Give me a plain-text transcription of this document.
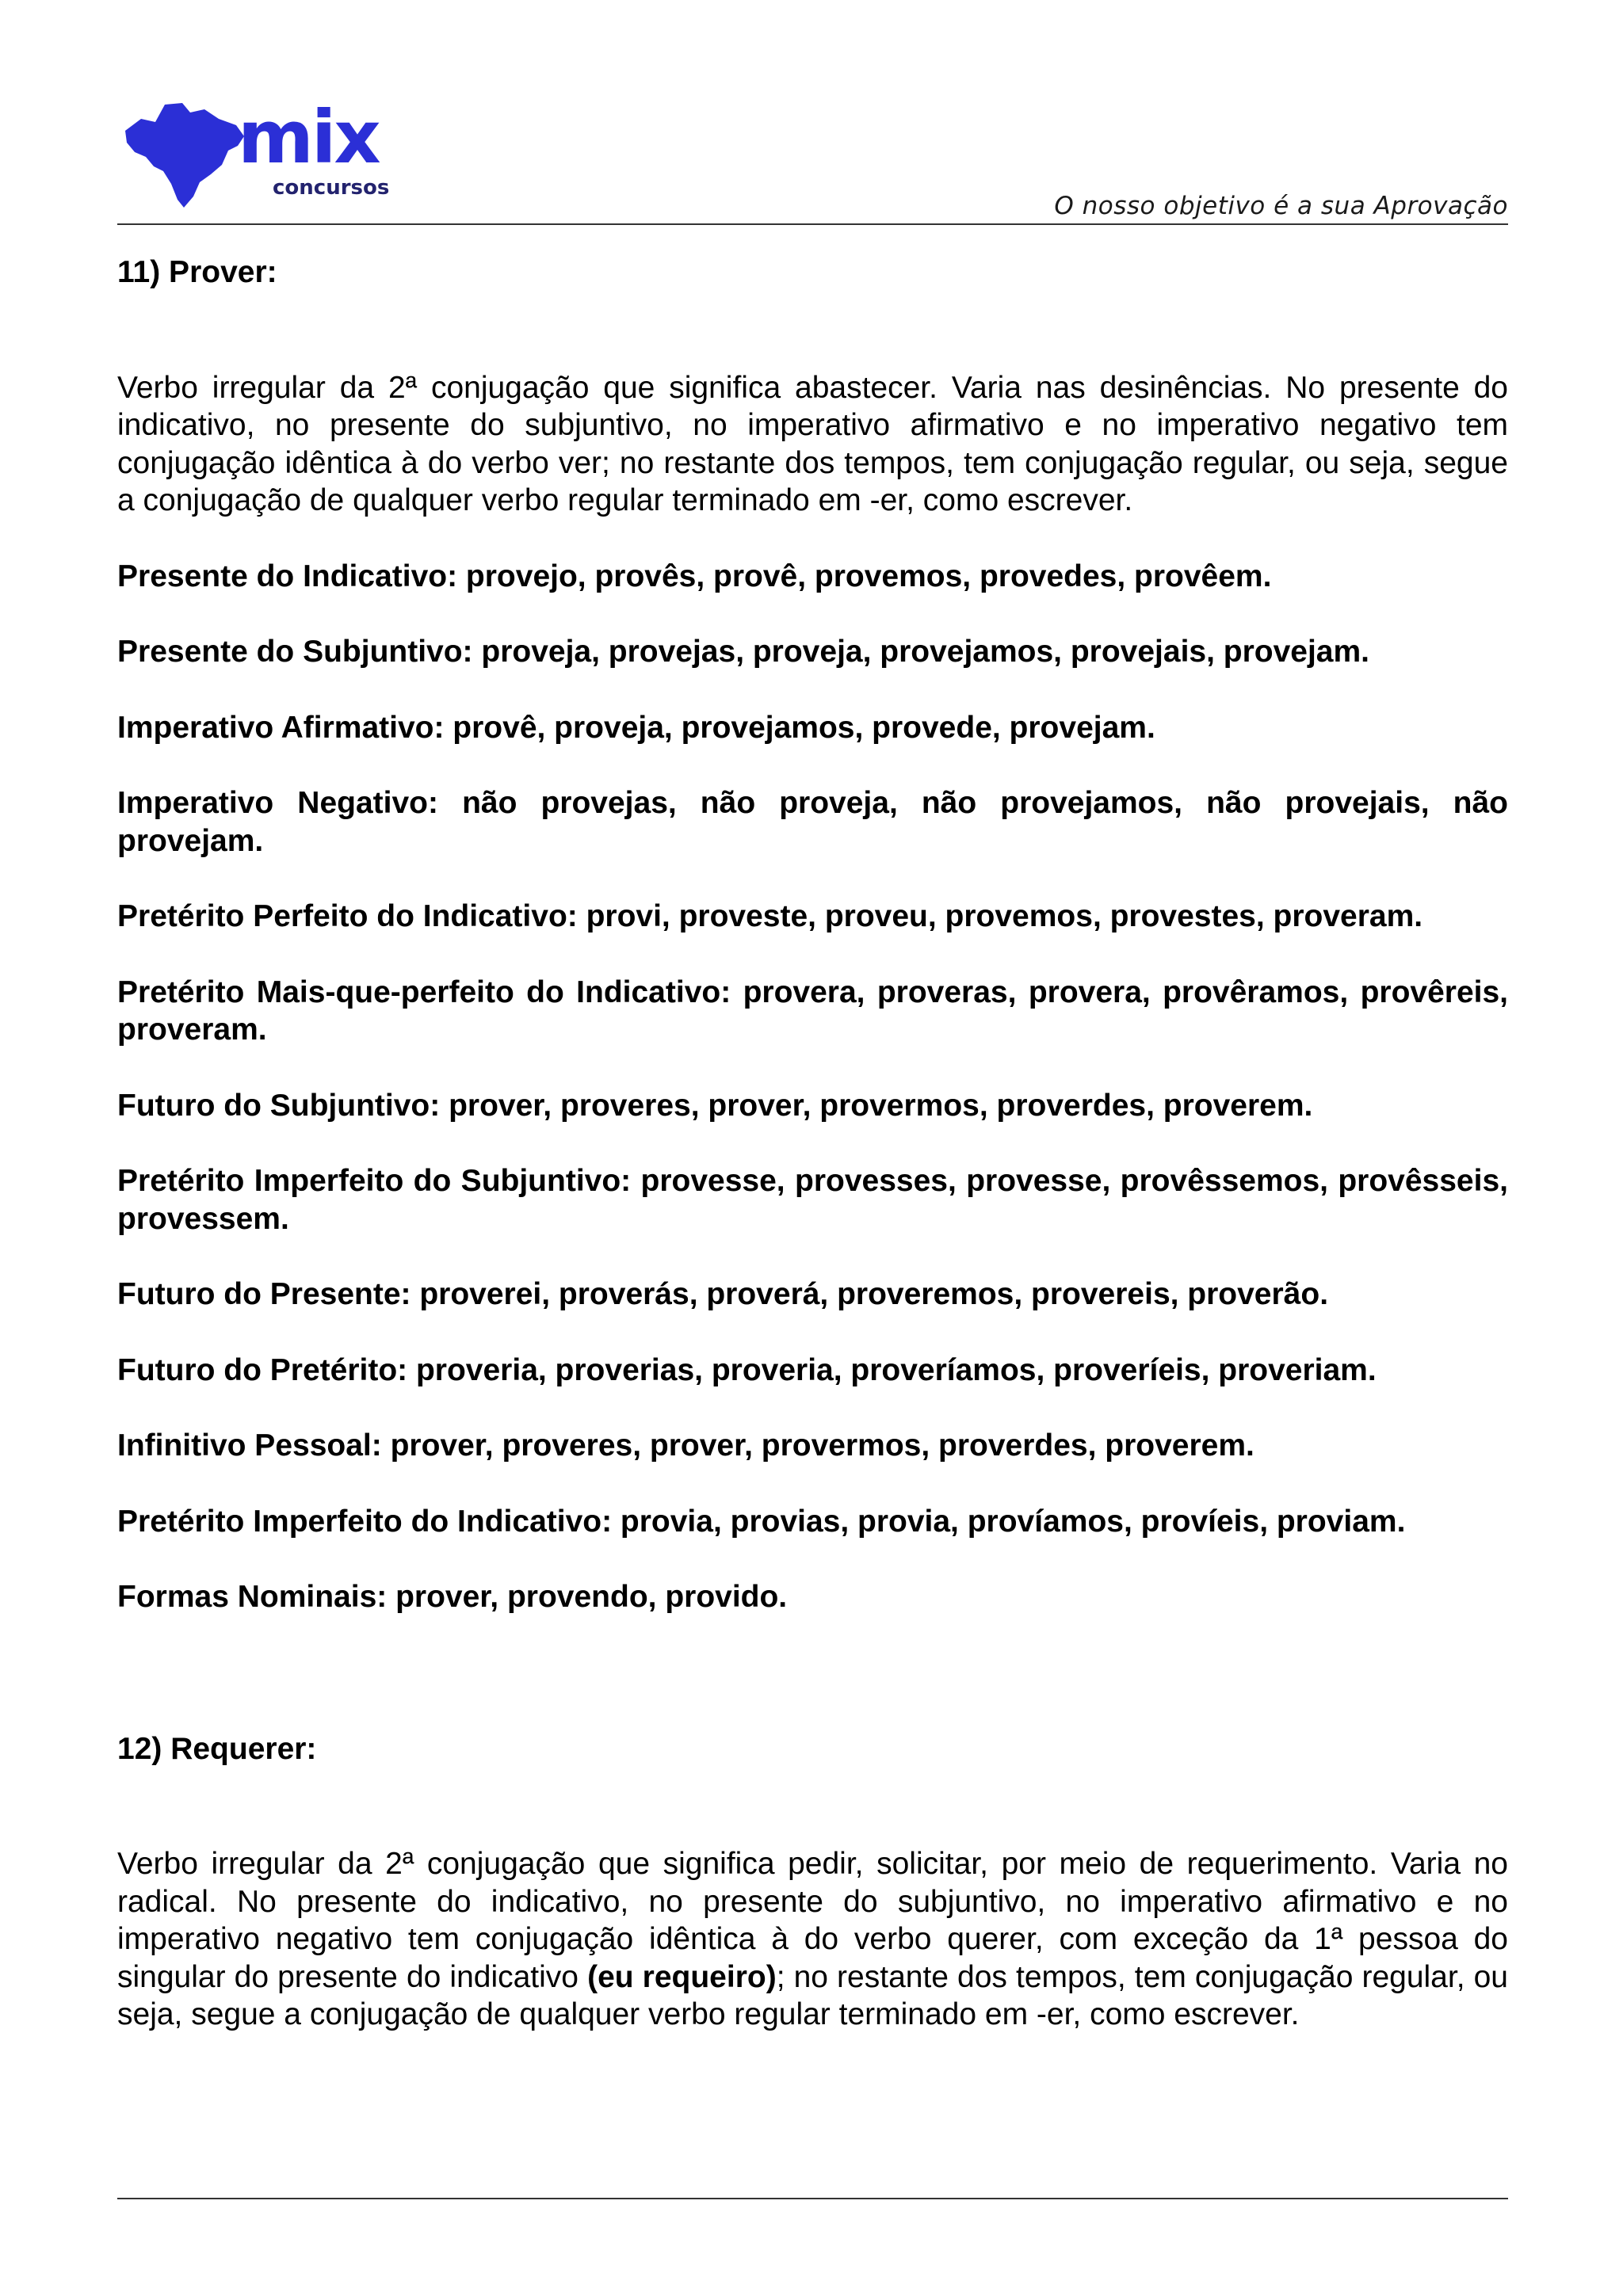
mix
concursos
O nosso objetivo é a sua Aprovação

11) Prover:

Verbo irregular da 2ª conjugação que significa abastecer. Varia nas desinências. No presente do indicativo, no presente do subjuntivo, no imperativo afirmativo e no imperativo negativo tem conjugação idêntica à do verbo ver; no restante dos tempos, tem conjugação regular, ou seja, segue a conjugação de qualquer verbo regular terminado em -er, como escrever.

Presente do Indicativo: provejo, provês, provê, provemos, provedes, provêem.

Presente do Subjuntivo: proveja, provejas, proveja, provejamos, provejais, provejam.

Imperativo Afirmativo: provê, proveja, provejamos, provede, provejam.

Imperativo Negativo: não provejas, não proveja, não provejamos, não provejais, não provejam.

Pretérito Perfeito do Indicativo: provi, proveste, proveu, provemos, provestes, proveram.

Pretérito Mais-que-perfeito do Indicativo: provera, proveras, provera, provêramos, provêreis, proveram.

Futuro do Subjuntivo: prover, proveres, prover, provermos, proverdes, proverem.

Pretérito Imperfeito do Subjuntivo: provesse, provesses, provesse, provêssemos, provêsseis, provessem.

Futuro do Presente: proverei, proverás, proverá, proveremos, provereis, proverão.

Futuro do Pretérito: proveria, proverias, proveria, proveríamos, proveríeis, proveriam.

Infinitivo Pessoal: prover, proveres, prover, provermos, proverdes, proverem.

Pretérito Imperfeito do Indicativo: provia, provias, provia, províamos, províeis, proviam.

Formas Nominais: prover, provendo, provido.

12) Requerer:

Verbo irregular da 2ª conjugação que significa pedir, solicitar, por meio de requerimento. Varia no radical. No presente do indicativo, no presente do subjuntivo, no imperativo afirmativo e no imperativo negativo tem conjugação idêntica à do verbo querer, com exceção da 1ª pessoa do singular do presente do indicativo (eu requeiro); no restante dos tempos, tem conjugação regular, ou seja, segue a conjugação de qualquer verbo regular terminado em -er, como escrever.
